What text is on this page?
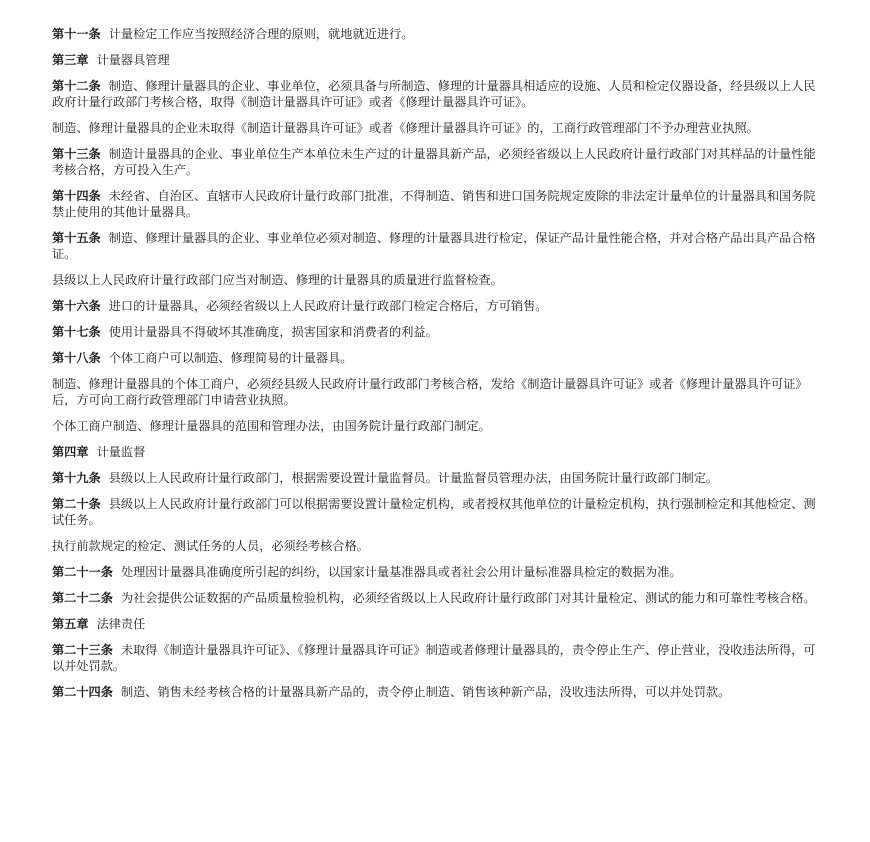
第十一条 计量检定工作应当按照经济合理的原则，就地就近进行。

第三章 计量器具管理

第十二条 制造、修理计量器具的企业、事业单位，必须具备与所制造、修理的计量器具相适应的设施、人员和检定仪器设备，经县级以上人民政府计量行政部门考核合格，取得《制造计量器具许可证》或者《修理计量器具许可证》。

制造、修理计量器具的企业未取得《制造计量器具许可证》或者《修理计量器具许可证》的，工商行政管理部门不予办理营业执照。

第十三条 制造计量器具的企业、事业单位生产本单位未生产过的计量器具新产品，必须经省级以上人民政府计量行政部门对其样品的计量性能考核合格，方可投入生产。

第十四条 未经省、自治区、直辖市人民政府计量行政部门批准，不得制造、销售和进口国务院规定废除的非法定计量单位的计量器具和国务院禁止使用的其他计量器具。

第十五条 制造、修理计量器具的企业、事业单位必须对制造、修理的计量器具进行检定，保证产品计量性能合格，并对合格产品出具产品合格证。

县级以上人民政府计量行政部门应当对制造、修理的计量器具的质量进行监督检查。

第十六条 进口的计量器具，必须经省级以上人民政府计量行政部门检定合格后，方可销售。

第十七条 使用计量器具不得破坏其准确度，损害国家和消费者的利益。

第十八条 个体工商户可以制造、修理简易的计量器具。

制造、修理计量器具的个体工商户，必须经县级人民政府计量行政部门考核合格，发给《制造计量器具许可证》或者《修理计量器具许可证》后，方可向工商行政管理部门申请营业执照。

个体工商户制造、修理计量器具的范围和管理办法，由国务院计量行政部门制定。

第四章 计量监督

第十九条 县级以上人民政府计量行政部门，根据需要设置计量监督员。计量监督员管理办法，由国务院计量行政部门制定。

第二十条 县级以上人民政府计量行政部门可以根据需要设置计量检定机构，或者授权其他单位的计量检定机构，执行强制检定和其他检定、测试任务。

执行前款规定的检定、测试任务的人员，必须经考核合格。

第二十一条 处理因计量器具准确度所引起的纠纷，以国家计量基准器具或者社会公用计量标准器具检定的数据为准。

第二十二条 为社会提供公证数据的产品质量检验机构，必须经省级以上人民政府计量行政部门对其计量检定、测试的能力和可靠性考核合格。

第五章 法律责任

第二十三条 未取得《制造计量器具许可证》、《修理计量器具许可证》制造或者修理计量器具的，责令停止生产、停止营业，没收违法所得，可以并处罚款。

第二十四条 制造、销售未经考核合格的计量器具新产品的，责令停止制造、销售该种新产品，没收违法所得，可以并处罚款。
